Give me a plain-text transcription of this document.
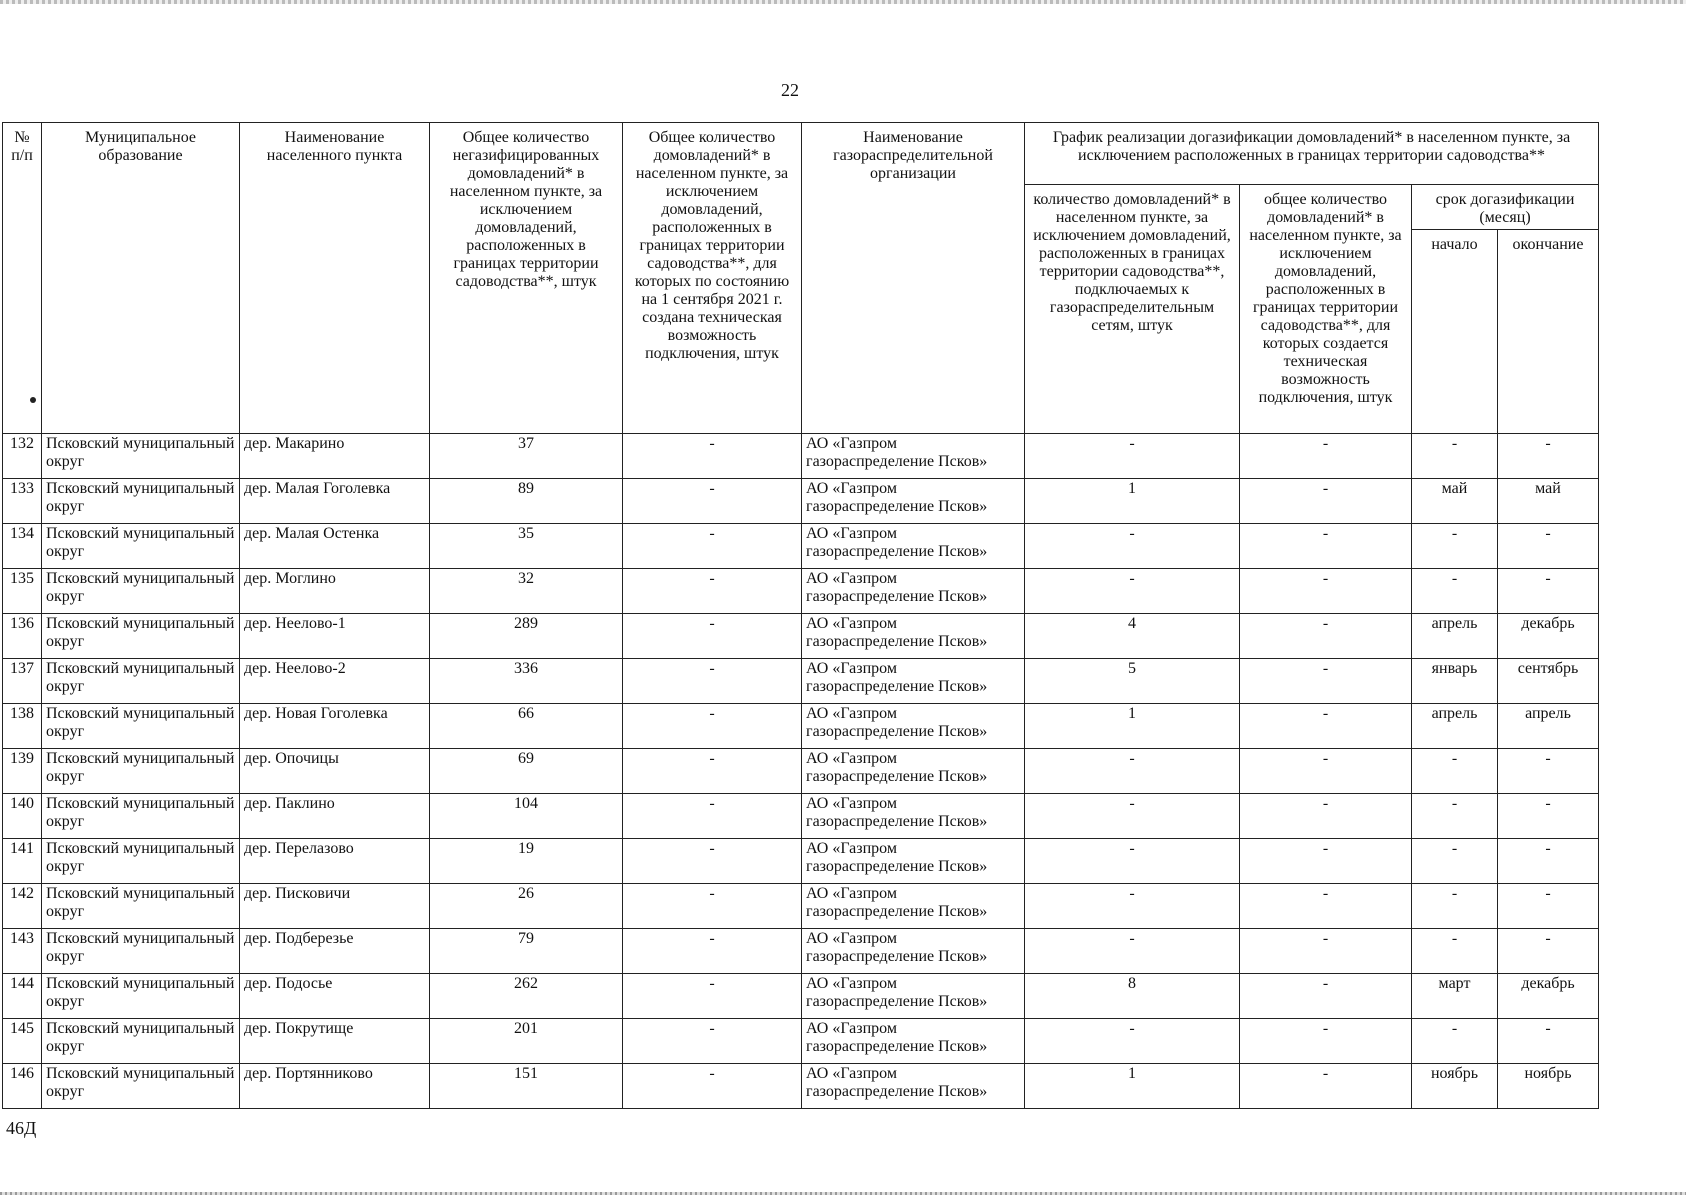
22
№ п/п	Муниципальное образование	Наименование населенного пункта	Общее количество негазифицированных домовладений* в населенном пункте, за исключением домовладений, расположенных в границах территории садоводства**, штук	Общее количество домовладений* в населенном пункте, за исключением домовладений, расположенных в границах территории садоводства**, для которых по состоянию на 1 сентября 2021 г. создана техническая возможность подключения, штук	Наименование газораспределительной организации	График реализации догазификации домовладений* в населенном пункте, за исключением расположенных в границах территории садоводства**			
						количество домовладений* в населенном пункте, за исключением домовладений, расположенных в границах территории садоводства**, подключаемых к газораспределительным сетям, штук	общее количество домовладений* в населенном пункте, за исключением домовладений, расположенных в границах территории садоводства**, для которых создается техническая возможность подключения, штук	срок догазификации (месяц)	
								начало	окончание
132	Псковский муниципальный округ	дер. Макарино	37	-	АО «Газпром газораспределение Псков»	-	-	-	-
133	Псковский муниципальный округ	дер. Малая Гоголевка	89	-	АО «Газпром газораспределение Псков»	1	-	май	май
134	Псковский муниципальный округ	дер. Малая Остенка	35	-	АО «Газпром газораспределение Псков»	-	-	-	-
135	Псковский муниципальный округ	дер. Моглино	32	-	АО «Газпром газораспределение Псков»	-	-	-	-
136	Псковский муниципальный округ	дер. Неелово-1	289	-	АО «Газпром газораспределение Псков»	4	-	апрель	декабрь
137	Псковский муниципальный округ	дер. Неелово-2	336	-	АО «Газпром газораспределение Псков»	5	-	январь	сентябрь
138	Псковский муниципальный округ	дер. Новая Гоголевка	66	-	АО «Газпром газораспределение Псков»	1	-	апрель	апрель
139	Псковский муниципальный округ	дер. Опочицы	69	-	АО «Газпром газораспределение Псков»	-	-	-	-
140	Псковский муниципальный округ	дер. Паклино	104	-	АО «Газпром газораспределение Псков»	-	-	-	-
141	Псковский муниципальный округ	дер. Перелазово	19	-	АО «Газпром газораспределение Псков»	-	-	-	-
142	Псковский муниципальный округ	дер. Писковичи	26	-	АО «Газпром газораспределение Псков»	-	-	-	-
143	Псковский муниципальный округ	дер. Подберезье	79	-	АО «Газпром газораспределение Псков»	-	-	-	-
144	Псковский муниципальный округ	дер. Подосье	262	-	АО «Газпром газораспределение Псков»	8	-	март	декабрь
145	Псковский муниципальный округ	дер. Покрутище	201	-	АО «Газпром газораспределение Псков»	-	-	-	-
146	Псковский муниципальный округ	дер. Портянниково	151	-	АО «Газпром газораспределение Псков»	1	-	ноябрь	ноябрь
46Д
